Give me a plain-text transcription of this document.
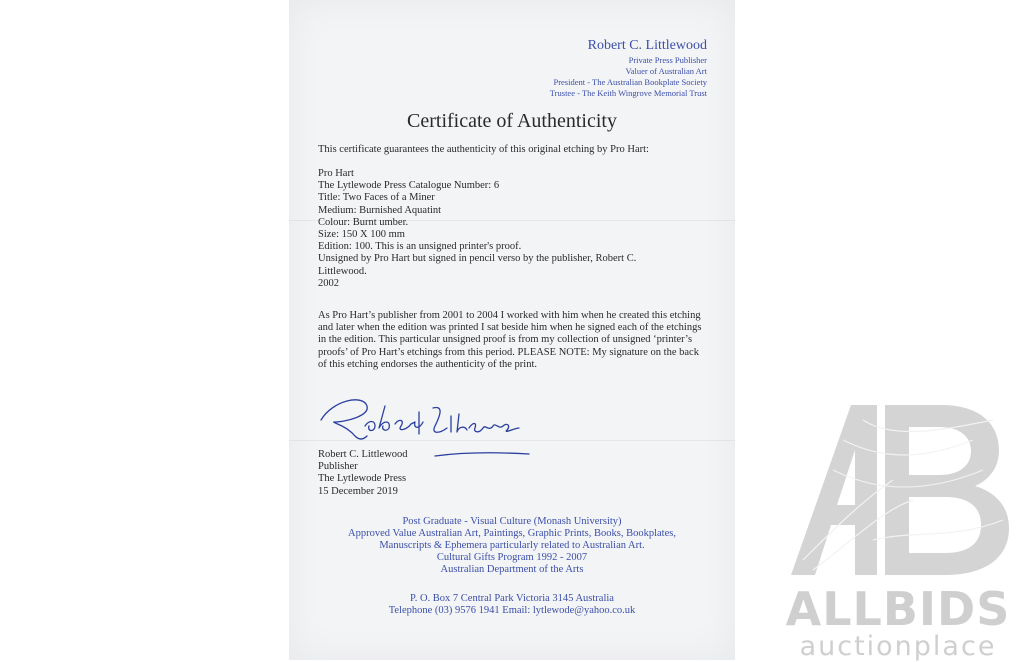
Robert C. Littlewood
Private Press Publisher
Valuer of Australian Art
President - The Australian Bookplate Society
Trustee - The Keith Wingrove Memorial Trust
Certificate of Authenticity
This certificate guarantees the authenticity of this original etching by Pro Hart:
Pro Hart
The Lytlewode Press Catalogue Number: 6
Title: Two Faces of a Miner
Medium: Burnished Aquatint
Colour: Burnt umber.
Size: 150 X 100 mm
Edition: 100. This is an unsigned printer's proof.
Unsigned by Pro Hart but signed in pencil verso by the publisher, Robert C.
Littlewood.
2002
As Pro Hart’s publisher from 2001 to 2004 I worked with him when he created this etching and later when the edition was printed I sat beside him when he signed each of the etchings in the edition. This particular unsigned proof is from my collection of unsigned ‘printer’s proofs’ of Pro Hart’s etchings from this period. PLEASE NOTE: My signature on the back of this etching endorses the authenticity of the print.
Robert C. Littlewood
Publisher
The Lytlewode Press
15 December 2019
Post Graduate - Visual Culture (Monash University)
Approved Value Australian Art, Paintings, Graphic Prints, Books, Bookplates,
Manuscripts & Ephemera particularly related to Australian Art.
Cultural Gifts Program 1992 - 2007
Australian Department of the Arts
P. O. Box 7 Central Park Victoria 3145 Australia
Telephone (03) 9576 1941 Email: lytlewode@yahoo.co.uk	ALLBIDS
auctionplace
